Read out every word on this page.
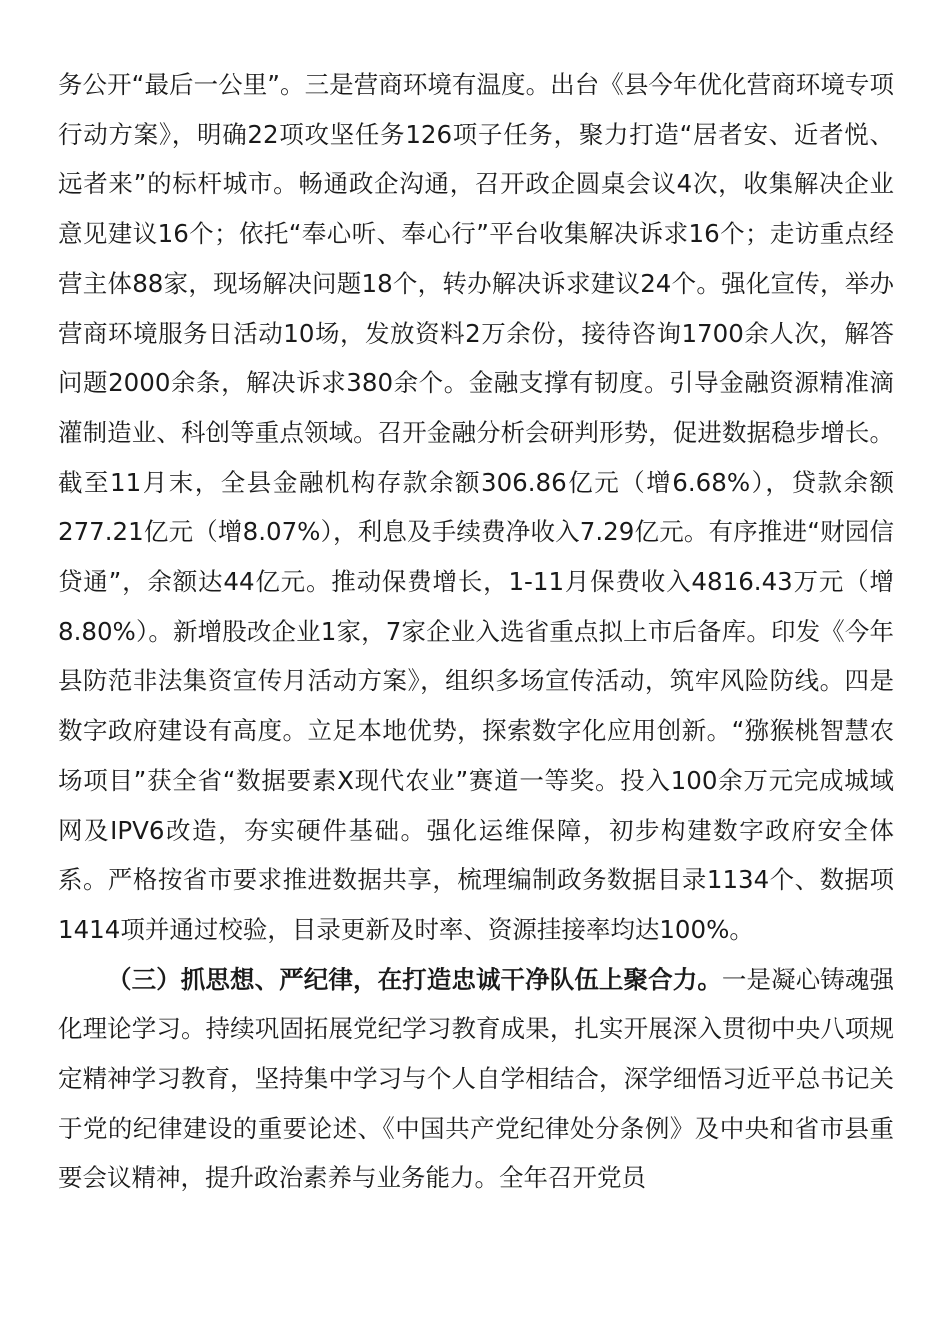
务公开“最后一公里”。三是营商环境有温度。出台《县今年优化营商环境专项行动方案》，明确22项攻坚任务126项子任务，聚力打造“居者安、近者悦、远者来”的标杆城市。畅通政企沟通，召开政企圆桌会议4次，收集解决企业意见建议16个；依托“奉心听、奉心行”平台收集解决诉求16个；走访重点经营主体88家，现场解决问题18个，转办解决诉求建议24个。强化宣传，举办营商环境服务日活动10场，发放资料2万余份，接待咨询1700余人次，解答问题2000余条，解决诉求380余个。金融支撑有韧度。引导金融资源精准滴灌制造业、科创等重点领域。召开金融分析会研判形势，促进数据稳步增长。截至11月末，全县金融机构存款余额306.86亿元（增6.68%），贷款余额277.21亿元（增8.07%），利息及手续费净收入7.29亿元。有序推进“财园信贷通”，余额达44亿元。推动保费增长，1-11月保费收入4816.43万元（增8.80%）。新增股改企业1家，7家企业入选省重点拟上市后备库。印发《今年县防范非法集资宣传月活动方案》，组织多场宣传活动，筑牢风险防线。四是数字政府建设有高度。立足本地优势，探索数字化应用创新。“猕猴桃智慧农场项目”获全省“数据要素X现代农业”赛道一等奖。投入100余万元完成城域网及IPV6改造，夯实硬件基础。强化运维保障，初步构建数字政府安全体系。严格按省市要求推进数据共享，梳理编制政务数据目录1134个、数据项1414项并通过校验，目录更新及时率、资源挂接率均达100%。

（三）抓思想、严纪律，在打造忠诚干净队伍上聚合力。一是凝心铸魂强化理论学习。持续巩固拓展党纪学习教育成果，扎实开展深入贯彻中央八项规定精神学习教育，坚持集中学习与个人自学相结合，深学细悟习近平总书记关于党的纪律建设的重要论述、《中国共产党纪律处分条例》及中央和省市县重要会议精神，提升政治素养与业务能力。全年召开党员
